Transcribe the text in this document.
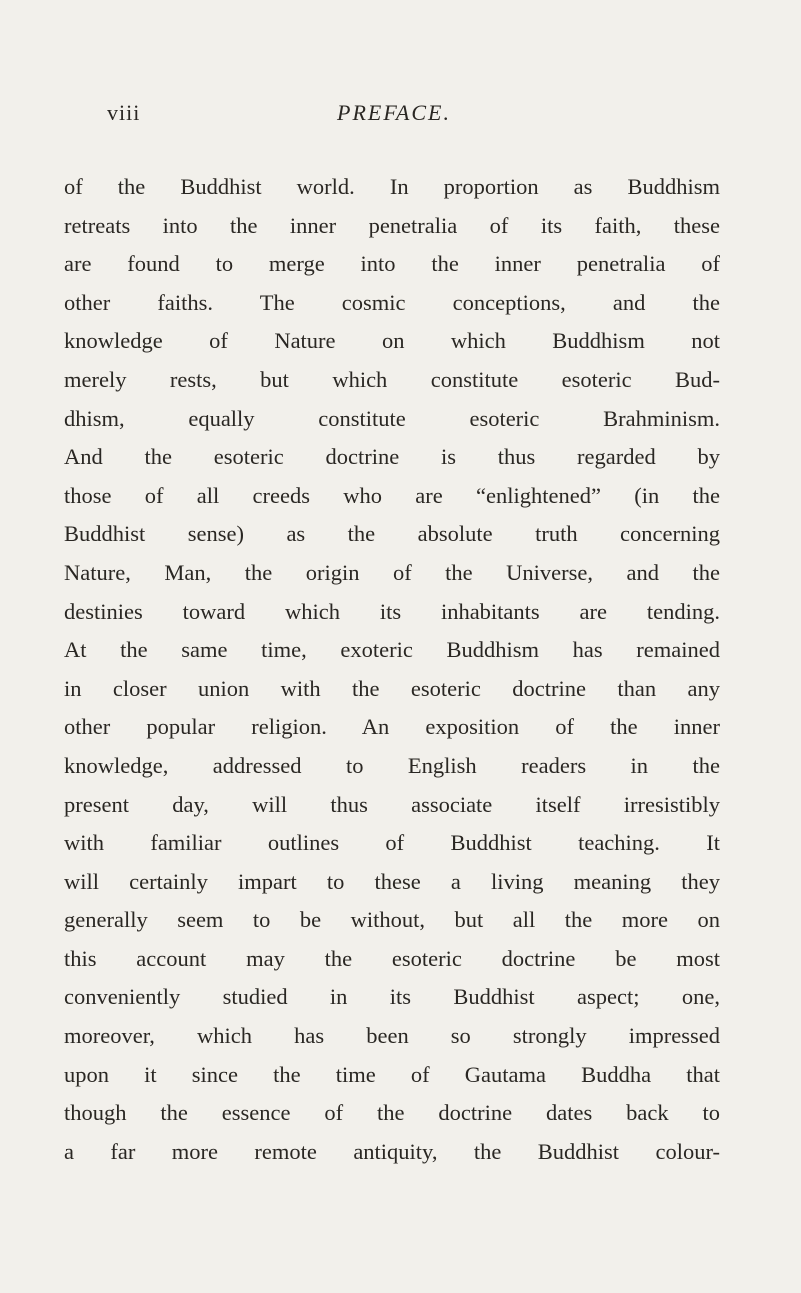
viii	PREFACE.
of the Buddhist world. In proportion as Buddhism
retreats into the inner penetralia of its faith, these
are found to merge into the inner penetralia of
other faiths. The cosmic conceptions, and the
knowledge of Nature on which Buddhism not
merely rests, but which constitute esoteric Bud-
dhism, equally constitute esoteric Brahminism.
And the esoteric doctrine is thus regarded by
those of all creeds who are “enlightened” (in the
Buddhist sense) as the absolute truth concerning
Nature, Man, the origin of the Universe, and the
destinies toward which its inhabitants are tending.
At the same time, exoteric Buddhism has remained
in closer union with the esoteric doctrine than any
other popular religion. An exposition of the inner
knowledge, addressed to English readers in the
present day, will thus associate itself irresistibly
with familiar outlines of Buddhist teaching. It
will certainly impart to these a living meaning they
generally seem to be without, but all the more on
this account may the esoteric doctrine be most
conveniently studied in its Buddhist aspect; one,
moreover, which has been so strongly impressed
upon it since the time of Gautama Buddha that
though the essence of the doctrine dates back to
a far more remote antiquity, the Buddhist colour-
